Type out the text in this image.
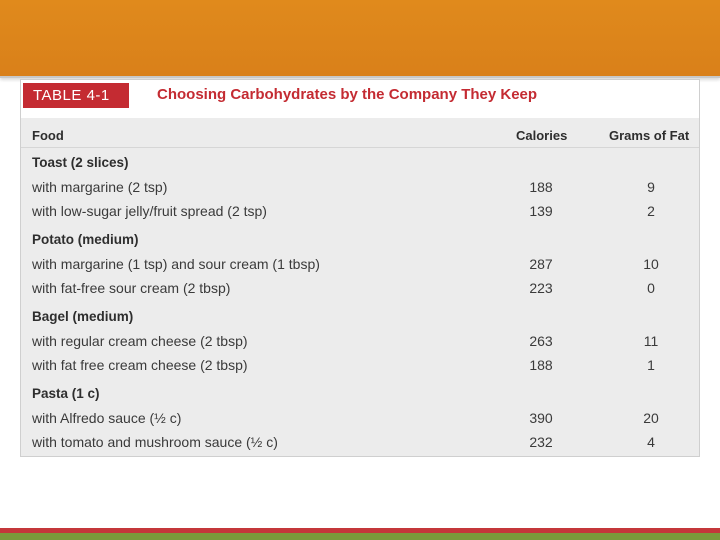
TABLE 4-1	Choosing Carbohydrates by the Company They Keep
Food	Calories	Grams of Fat
Toast (2 slices)
with margarine (2 tsp)	188	9
with low-sugar jelly/fruit spread (2 tsp)	139	2
Potato (medium)
with margarine (1 tsp) and sour cream (1 tbsp)	287	10
with fat-free sour cream (2 tbsp)	223	0
Bagel (medium)
with regular cream cheese (2 tbsp)	263	11
with fat free cream cheese (2 tbsp)	188	1
Pasta (1 c)
with Alfredo sauce (½ c)	390	20
with tomato and mushroom sauce (½ c)	232	4
